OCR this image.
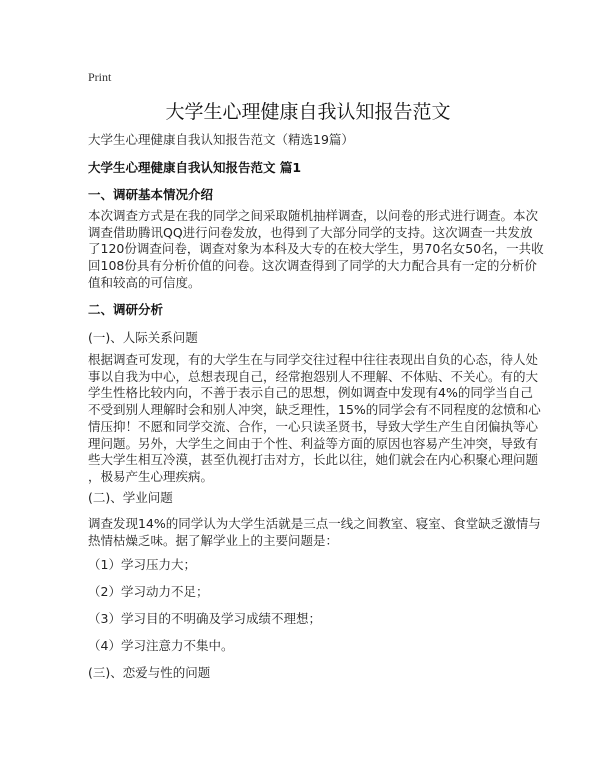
Print
大学生心理健康自我认知报告范文
大学生心理健康自我认知报告范文（精选19篇）
大学生心理健康自我认知报告范文 篇1
一、调研基本情况介绍
本次调查方式是在我的同学之间采取随机抽样调查，以问卷的形式进行调查。本次
调查借助腾讯QQ进行问卷发放，也得到了大部分同学的支持。这次调查一共发放
了120份调查问卷，调查对象为本科及大专的在校大学生，男70名女50名，一共收
回108份具有分析价值的问卷。这次调查得到了同学的大力配合具有一定的分析价
值和较高的可信度。
二、调研分析
(一)、人际关系问题
根据调查可发现，有的大学生在与同学交往过程中往往表现出自负的心态，待人处
事以自我为中心，总想表现自己，经常抱怨别人不理解、不体贴、不关心。有的大
学生性格比较内向，不善于表示自己的思想，例如调查中发现有4%的同学当自己
不受到别人理解时会和别人冲突，缺乏理性，15%的同学会有不同程度的忿愤和心
情压抑！不愿和同学交流、合作，一心只读圣贤书，导致大学生产生自闭偏执等心
理问题。另外，大学生之间由于个性、利益等方面的原因也容易产生冲突，导致有
些大学生相互冷漠，甚至仇视打击对方，长此以往，她们就会在内心积聚心理问题
，极易产生心理疾病。
(二)、学业问题
调查发现14%的同学认为大学生活就是三点一线之间教室、寝室、食堂缺乏激情与
热情枯燥乏味。据了解学业上的主要问题是：
（1）学习压力大；
（2）学习动力不足；
（3）学习目的不明确及学习成绩不理想；
（4）学习注意力不集中。
(三)、恋爱与性的问题
